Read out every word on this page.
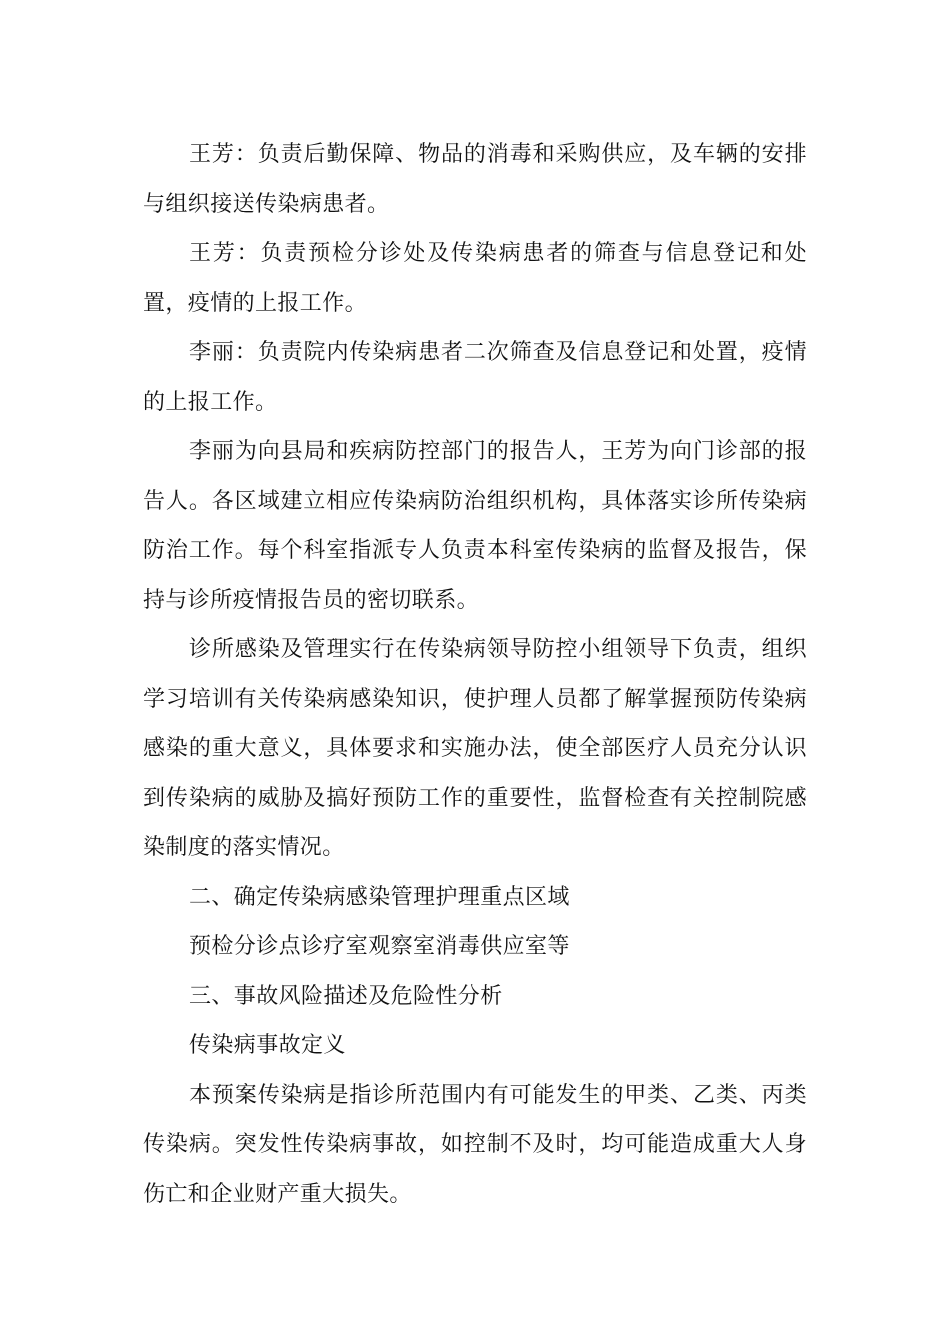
王芳：负责后勤保障、物品的消毒和采购供应，及车辆的安排与组织接送传染病患者。

王芳：负责预检分诊处及传染病患者的筛查与信息登记和处置，疫情的上报工作。

李丽：负责院内传染病患者二次筛查及信息登记和处置，疫情的上报工作。

李丽为向县局和疾病防控部门的报告人，王芳为向门诊部的报告人。各区域建立相应传染病防治组织机构，具体落实诊所传染病防治工作。每个科室指派专人负责本科室传染病的监督及报告，保持与诊所疫情报告员的密切联系。

诊所感染及管理实行在传染病领导防控小组领导下负责，组织学习培训有关传染病感染知识，使护理人员都了解掌握预防传染病感染的重大意义，具体要求和实施办法，使全部医疗人员充分认识到传染病的威胁及搞好预防工作的重要性，监督检查有关控制院感染制度的落实情况。

二、确定传染病感染管理护理重点区域

预检分诊点诊疗室观察室消毒供应室等

三、事故风险描述及危险性分析

传染病事故定义

本预案传染病是指诊所范围内有可能发生的甲类、乙类、丙类传染病。突发性传染病事故，如控制不及时，均可能造成重大人身伤亡和企业财产重大损失。
